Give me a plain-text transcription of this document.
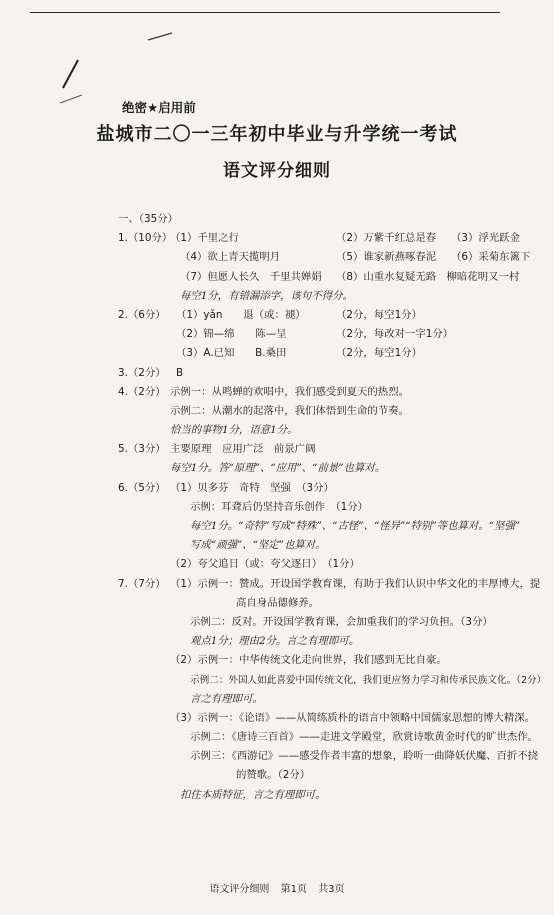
绝密★启用前
盐城市二〇一三年初中毕业与升学统一考试
语文评分细则
一、（35分）
1.（10分）
（1）千里之行	（2）万紫千红总是春 （3）浮光跃金
（4）欲上青天揽明月	（5）谁家新燕啄春泥 （6）采菊东篱下
（7）但愿人长久　千里共婵娟 （8）山重水复疑无路　柳暗花明又一村
每空1分，有错漏添字，该句不得分。
2.（6分） （1）yǎn　　退（或：褪）	（2分，每空1分）
（2）锦—绵　　陈—呈	（2分，每改对一字1分）
（3）A.已知　　B.桑田	（2分，每空1分）
3.（2分） B
4.（2分） 示例一：从鸣蝉的欢唱中，我们感受到夏天的热烈。
示例二：从潮水的起落中，我们体悟到生命的节奏。
恰当的事物1分，语意1分。
5.（3分） 主要原理　应用广泛　前景广阔
每空1分。答“原理”、“应用”、“前景”也算对。
6.（5分） （1）贝多芬　奇特　坚强　（3分）
示例：耳聋后仍坚持音乐创作　（1分）
每空1分。“奇特”写成“特殊”、“古怪”、“怪异”“特别”等也算对。“坚强”
写成“顽强”、“坚定”也算对。
（2）夸父追日（或：夸父逐日）　（1分）
7.（7分） （1）示例一：赞成。开设国学教育课，有助于我们认识中华文化的丰厚博大，提
高自身品德修养。
示例二：反对。开设国学教育课，会加重我们的学习负担。（3分）
观点1分；理由2分。言之有理即可。
（2）示例一：中华传统文化走向世界，我们感到无比自豪。
示例二：外国人如此喜爱中国传统文化，我们更应努力学习和传承民族文化。（2分）
言之有理即可。
（3）示例一：《论语》——从简练质朴的语言中领略中国儒家思想的博大精深。
示例二：《唐诗三百首》——走进文学殿堂，欣赏诗歌黄金时代的旷世杰作。
示例三：《西游记》——感受作者丰富的想象，聆听一曲降妖伏魔、百折不挠
的赞歌。（2分）
扣住本质特征，言之有理即可。
语文评分细则 第1页 共3页
